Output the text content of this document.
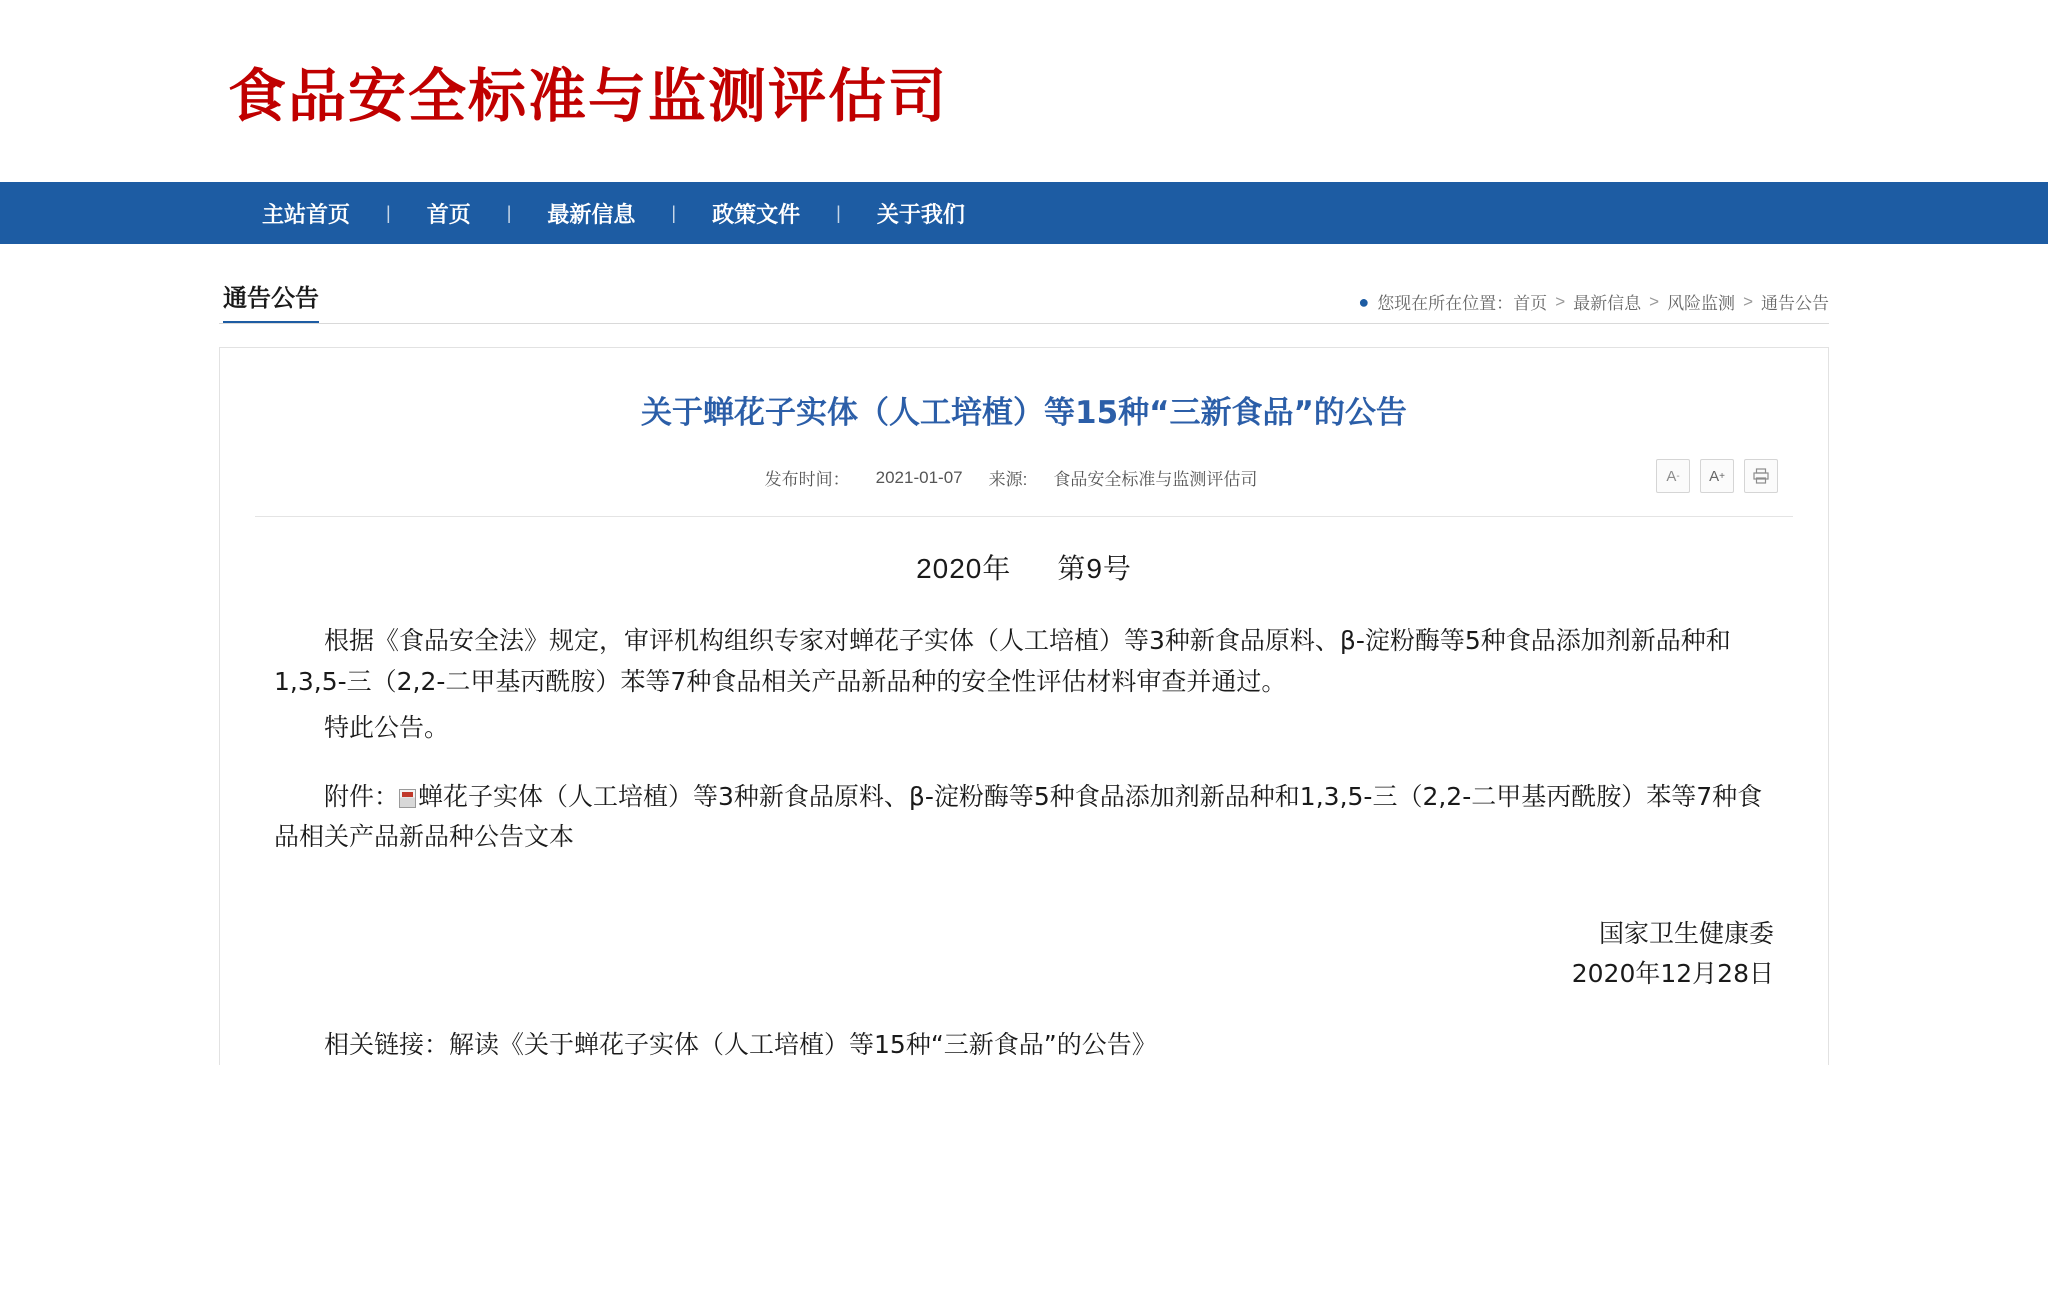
食品安全标准与监测评估司
主站首页 | 首页 | 最新信息 | 政策文件 | 关于我们
通告公告	● 您现在所在位置： 首页 > 最新信息 > 风险监测 > 通告公告
关于蝉花子实体（人工培植）等15种“三新食品”的公告
发布时间： 2021-01-07 来源: 食品安全标准与监测评估司	A - A +
2020年 第9号

根据《食品安全法》规定，审评机构组织专家对蝉花子实体（人工培植）等3种新食品原料、β-淀粉酶等5种食品添加剂新品种和1,3,5-三（2,2-二甲基丙酰胺）苯等7种食品相关产品新品种的安全性评估材料审查并通过。

特此公告。

附件： 蝉花子实体（人工培植）等3种新食品原料、β-淀粉酶等5种食品添加剂新品种和1,3,5-三（2,2-二甲基丙酰胺）苯等7种食品相关产品新品种公告文本

国家卫生健康委
2020年12月28日

相关链接：解读《关于蝉花子实体（人工培植）等15种“三新食品”的公告》
